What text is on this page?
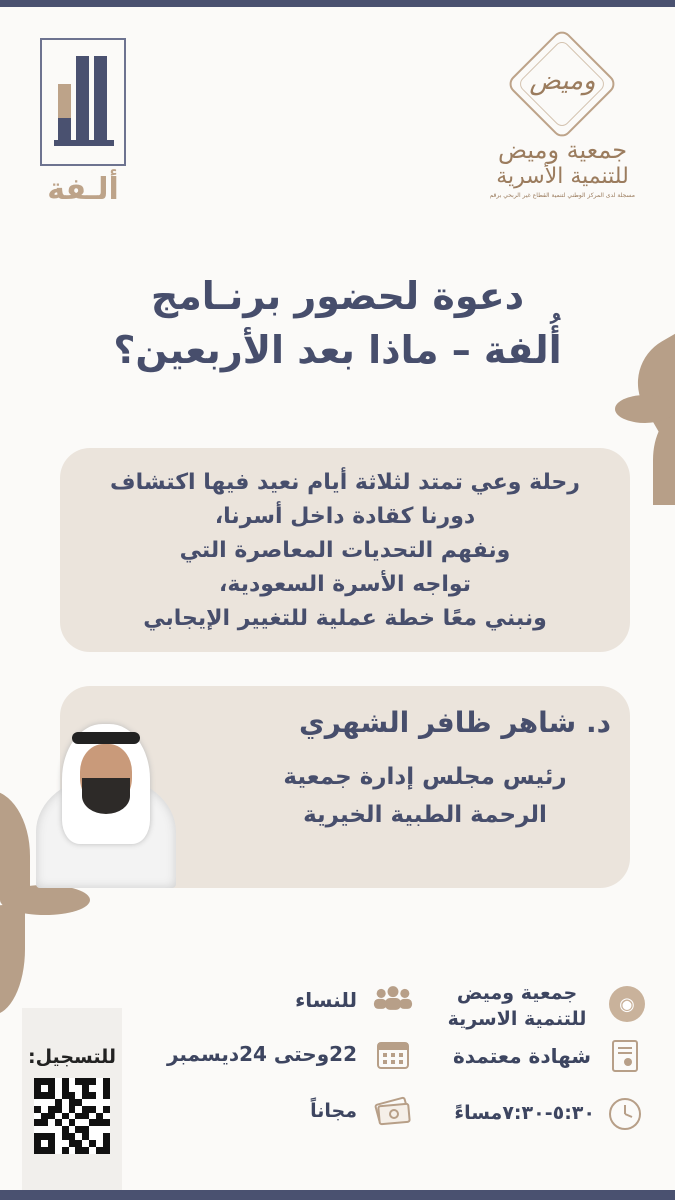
ألـفة
وميض
جمعية وميض
للتنمية الأسرية
مسجلة لدى المركز الوطني لتنمية القطاع غير الربحي برقم
دعوة لحضور برنـامج
أُلفة – ماذا بعد الأربعين؟

رحلة وعي تمتد لثلاثة أيام نعيد فيها اكتشاف

دورنا كقادة داخل أسرنا،

ونفهم التحديات المعاصرة التي

تواجه الأسرة السعودية،

ونبني معًا خطة عملية للتغيير الإيجابي

د. شاهر ظافر الشهري
رئيس مجلس إدارة جمعية
الرحمة الطبية الخيرية
◉
جمعية وميض
للتنمية الاسرية
للنساء
شهادة معتمدة
22وحتى 24ديسمبر
٥:٣٠-٧:٣٠مساءً
مجاناً
للتسجيل:
